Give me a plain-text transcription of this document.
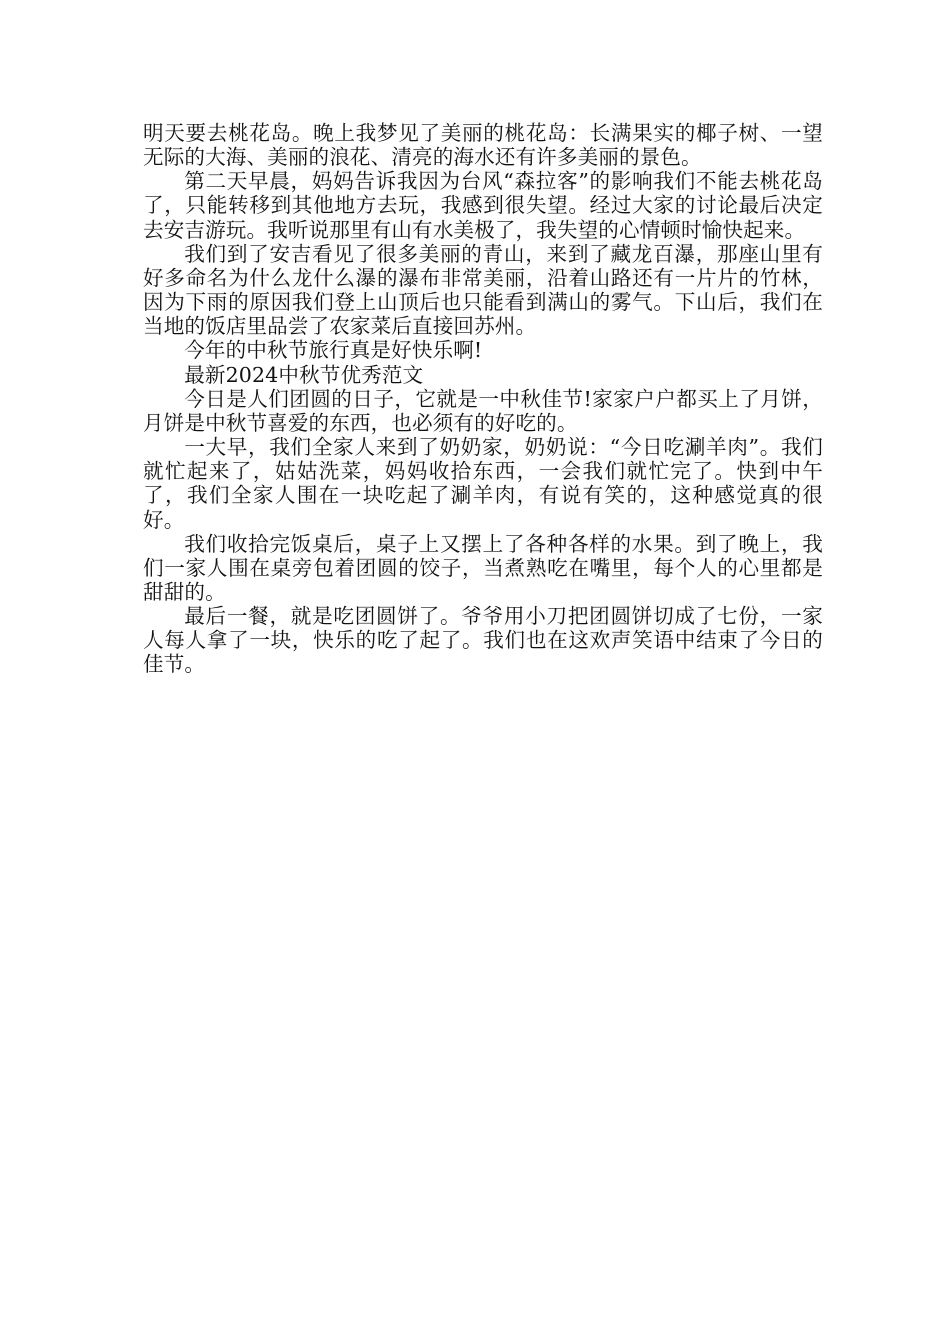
明天要去桃花岛。晚上我梦见了美丽的桃花岛：长满果实的椰子树、一望无际的大海、美丽的浪花、清亮的海水还有许多美丽的景色。

第二天早晨，妈妈告诉我因为台风“森拉客”的影响我们不能去桃花岛了，只能转移到其他地方去玩，我感到很失望。经过大家的讨论最后决定去安吉游玩。我听说那里有山有水美极了，我失望的心情顿时愉快起来。

我们到了安吉看见了很多美丽的青山，来到了藏龙百瀑，那座山里有好多命名为什么龙什么瀑的瀑布非常美丽，沿着山路还有一片片的竹林，因为下雨的原因我们登上山顶后也只能看到满山的雾气。下山后，我们在当地的饭店里品尝了农家菜后直接回苏州。

今年的中秋节旅行真是好快乐啊!

最新2024中秋节优秀范文

今日是人们团圆的日子，它就是一中秋佳节!家家户户都买上了月饼，月饼是中秋节喜爱的东西，也必须有的好吃的。

一大早，我们全家人来到了奶奶家，奶奶说：“今日吃涮羊肉”。我们就忙起来了，姑姑洗菜，妈妈收拾东西，一会我们就忙完了。快到中午了，我们全家人围在一块吃起了涮羊肉，有说有笑的，这种感觉真的很好。

我们收拾完饭桌后，桌子上又摆上了各种各样的水果。到了晚上，我们一家人围在桌旁包着团圆的饺子，当煮熟吃在嘴里，每个人的心里都是甜甜的。

最后一餐，就是吃团圆饼了。爷爷用小刀把团圆饼切成了七份，一家人每人拿了一块，快乐的吃了起了。我们也在这欢声笑语中结束了今日的佳节。
